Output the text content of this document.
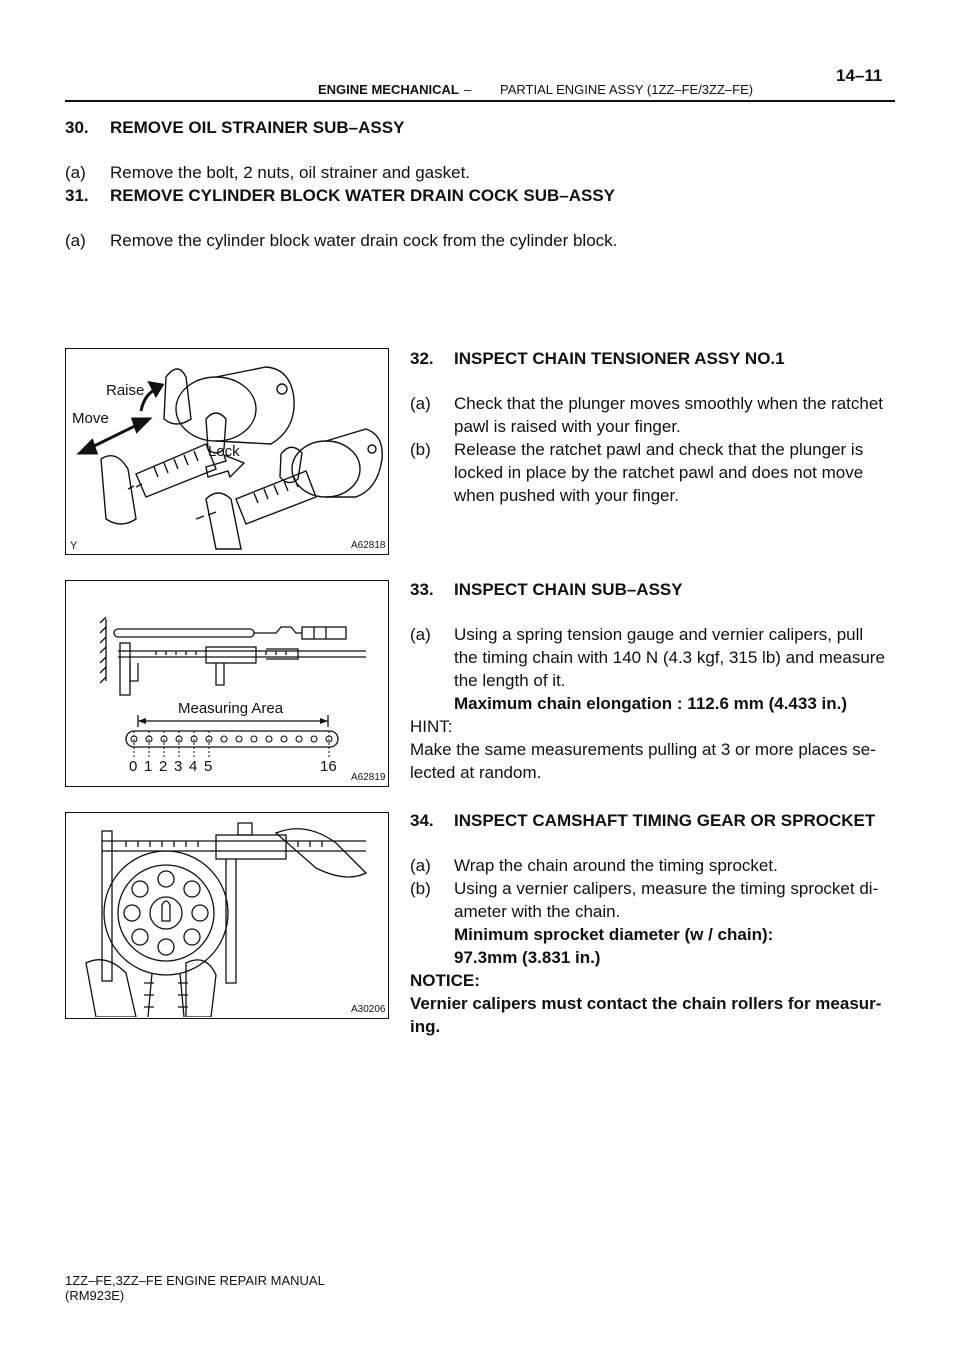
14–11
ENGINE MECHANICAL – PARTIAL ENGINE ASSY (1ZZ–FE/3ZZ–FE)
30. REMOVE OIL STRAINER SUB–ASSY
(a) Remove the bolt, 2 nuts, oil strainer and gasket.
31. REMOVE CYLINDER BLOCK WATER DRAIN COCK SUB–ASSY
(a) Remove the cylinder block water drain cock from the cylinder block.
Raise
Move
Lock
Y	A62818
32. INSPECT CHAIN TENSIONER ASSY NO.1
(a) Check that the plunger moves smoothly when the ratchet
pawl is raised with your finger.
(b) Release the ratchet pawl and check that the plunger is
locked in place by the ratchet pawl and does not move
when pushed with your finger.
Measuring Area
0 1 2 3 4 5	16
A62819
33. INSPECT CHAIN SUB–ASSY
(a) Using a spring tension gauge and vernier calipers, pull
the timing chain with 140 N (4.3 kgf, 315 lb) and measure
the length of it.
Maximum chain elongation : 112.6 mm (4.433 in.)
HINT:
Make the same measurements pulling at 3 or more places se-
lected at random.
A30206
34. INSPECT CAMSHAFT TIMING GEAR OR SPROCKET
(a) Wrap the chain around the timing sprocket.
(b) Using a vernier calipers, measure the timing sprocket di-
ameter with the chain.
Minimum sprocket diameter (w / chain):
97.3mm (3.831 in.)
NOTICE:
Vernier calipers must contact the chain rollers for measur-
ing.
1ZZ–FE,3ZZ–FE ENGINE REPAIR MANUAL
(RM923E)
